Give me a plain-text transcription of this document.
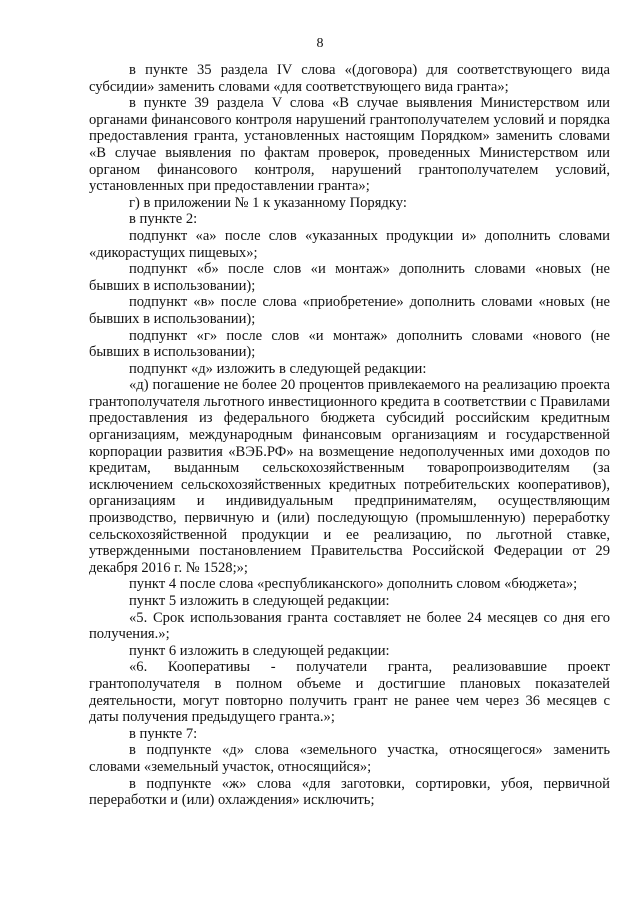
8

в пункте 35 раздела IV слова «(договора) для соответствующего вида субсидии» заменить словами «для соответствующего вида гранта»;

в пункте 39 раздела V слова «В случае выявления Министерством или органами финансового контроля нарушений грантополучателем условий и порядка предоставления гранта, установленных настоящим Порядком» заменить словами «В случае выявления по фактам проверок, проведенных Министерством или органом финансового контроля, нарушений грантополучателем условий, установленных при предоставлении гранта»;

г) в приложении № 1 к указанному Порядку:

в пункте 2:

подпункт «а» после слов «указанных продукции и» дополнить словами «дикорастущих пищевых»;

подпункт «б» после слов «и монтаж» дополнить словами «новых (не бывших в использовании);

подпункт «в» после слова «приобретение» дополнить словами «новых (не бывших в использовании);

подпункт «г» после слов «и монтаж» дополнить словами «нового (не бывших в использовании);

подпункт «д» изложить в следующей редакции:

«д) погашение не более 20 процентов привлекаемого на реализацию проекта грантополучателя льготного инвестиционного кредита в соответствии с Правилами предоставления из федерального бюджета субсидий российским кредитным организациям, международным финансовым организациям и государственной корпорации развития «ВЭБ.РФ» на возмещение недополученных ими доходов по кредитам, выданным сельскохозяйственным товаропроизводителям (за исключением сельскохозяйственных кредитных потребительских кооперативов), организациям и индивидуальным предпринимателям, осуществляющим производство, первичную и (или) последующую (промышленную) переработку сельскохозяйственной продукции и ее реализацию, по льготной ставке, утвержденными постановлением Правительства Российской Федерации от 29 декабря 2016 г. № 1528;»;

пункт 4 после слова «республиканского» дополнить словом «бюджета»;

пункт 5 изложить в следующей редакции:

«5. Срок использования гранта составляет не более 24 месяцев со дня его получения.»;

пункт 6 изложить в следующей редакции:

«6. Кооперативы - получатели гранта, реализовавшие проект грантополучателя в полном объеме и достигшие плановых показателей деятельности, могут повторно получить грант не ранее чем через 36 месяцев с даты получения предыдущего гранта.»;

в пункте 7:

в подпункте «д» слова «земельного участка, относящегося» заменить словами «земельный участок, относящийся»;

в подпункте «ж» слова «для заготовки, сортировки, убоя, первичной переработки и (или) охлаждения» исключить;
